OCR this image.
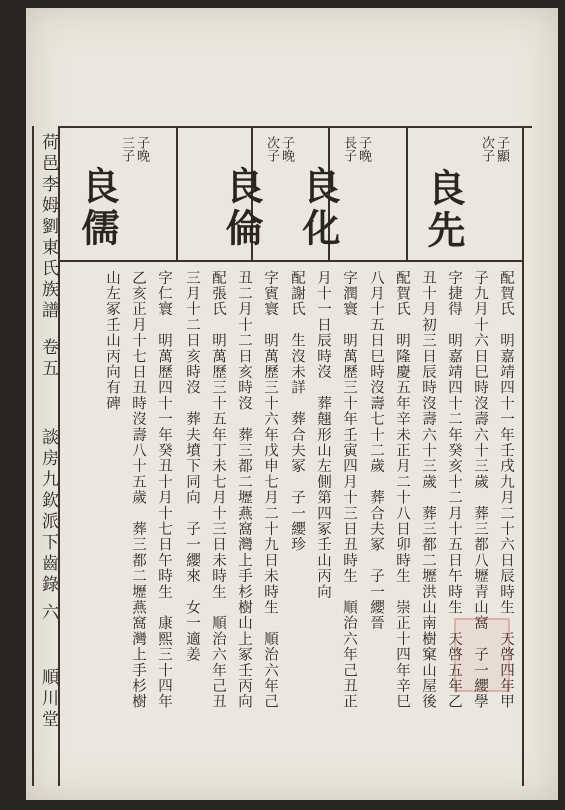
荷邑李姆劉東氏族譜
卷五
談房九欽派下齒錄
六
順川堂
子顯
次子
良先
子晚
長子
良化
子晚
次子
良倫
子晚
三子
良儒
配賀氏　明嘉靖四十一年壬戌九月二十六日辰時生　天啓四年甲
子九月十六日巳時沒壽六十三歲　葬三都八壢青山窩　子一纓學
字捷得　明嘉靖四十二年癸亥十二月十五日午時生　天啓五年乙
丑十月初三日辰時沒壽六十三歲　葬三都二壢洪山南樹窠山屋後
配賀氏　明隆慶五年辛未正月二十八日卯時生　崇正十四年辛巳
八月十五日巳時沒壽七十二歲　葬合夫冢　子一纓晉
字潤寰　明萬歷三十年壬寅四月十三日丑時生　順治六年己丑正
月十一日辰時沒　葬翹形山左側第四冢壬山丙向
配謝氏　生沒未詳　葬合夫冢　子一纓珍
字賓寰　明萬歷三十六年戊申七月二十九日未時生　順治六年己
丑二月十二日亥時沒　葬三都二壢燕窩灣上手杉樹山上冢壬丙向
配張氏　明萬歷三十五年丁未七月十三日未時生　順治六年己丑
三月十二日亥時沒　葬夫墳下同向　子一纓來　女一適姜
字仁寰　明萬歷四十一年癸丑十月十七日午時生　康熙三十四年
乙亥正月十七日丑時沒壽八十五歲　葬三都二壢燕窩灣上手杉樹
山左冢壬山丙向有碑
